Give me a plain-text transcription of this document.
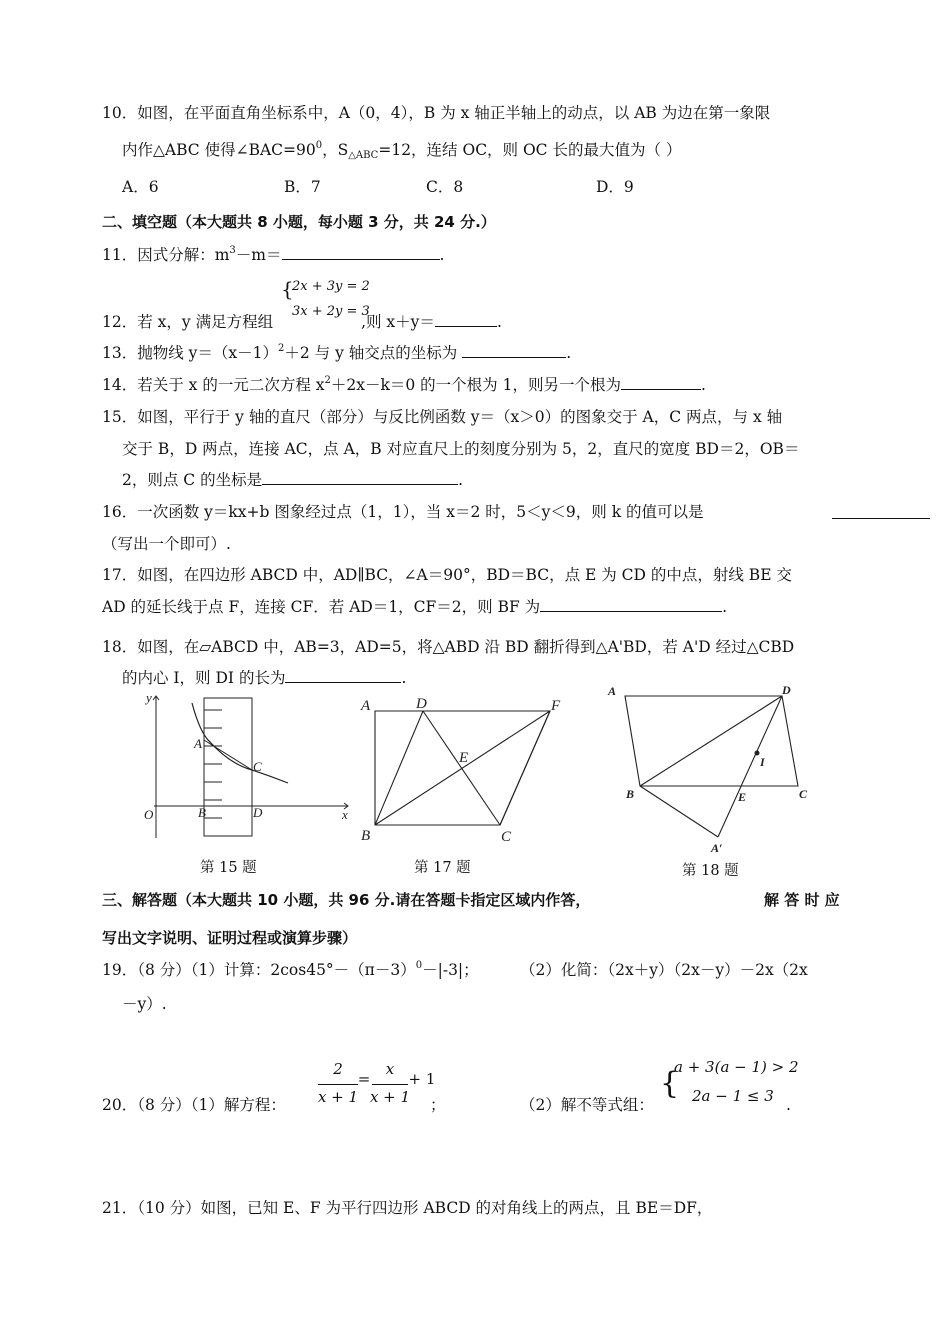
10．如图，在平面直角坐标系中，A（0，4），B 为 x 轴正半轴上的动点，以 AB 为边在第一象限
内作△ABC 使得$\angle BAC=90^0$，S△ABC=12，连结 OC，则 OC 长的最大值为（ ）
A．6	B．7	C．8	D．9
二、填空题（本大题共 8 小题，每小题 3 分，共 24 分.）
11．因式分解：$m^3-m=$	.
{
2x + 3y = 2
3x + 2y = 3
12．若 x，y 满足方程组	,则 x＋y＝	.
13．抛物线 $y=(x-1)^2+2$ 与 y 轴交点的坐标为	.
14．若关于 x 的一元二次方程 $x^2+2x-k=0$ 的一个根为 1，则另一个根为	.
15．如图，平行于 y 轴的直尺（部分）与反比例函数 y＝（x＞0）的图象交于 A，C 两点，与 x 轴
交于 B，D 两点，连接 AC，点 A，B 对应直尺上的刻度分别为 5，2，直尺的宽度 BD＝2，OB＝
2，则点 C 的坐标是	.
16．一次函数 y＝kx+b 图象经过点（1，1），当 x＝2 时，5＜y＜9，则 k 的值可以是
（写出一个即可）.
17．如图，在四边形 ABCD 中，AD∥BC，∠A＝90°，BD＝BC，点 E 为 CD 的中点，射线 BE 交
AD 的延长线于点 F，连接 CF．若 AD＝1，CF＝2，则 BF 为	.
18．如图，在▱ABCD 中，AB=3，AD=5，将△ABD 沿 BD 翻折得到△A'BD，若 A'D 经过△CBD
的内心 I，则 DI 的长为	.
y
x
O
A
B
C
D
第 15 题
A	D	F
E
B	C
第 17 题
A	D
I
B	E	C
A′
第 18 题
三、解答题（本大题共 10 小题，共 96 分.请在答题卡指定区域内作答，	解 答 时 应
写出文字说明、证明过程或演算步骤）
19．（8 分）（1）计算：$2\cos 45^\circ-(\pi-3)^0-|-3|$；	（2）化简：（2x＋y）（2x－y）－2x（2x
－y）.
20．（8 分）（1）解方程：
2
x + 1
=
x
x + 1
+ 1
；	（2）解不等式组：
{
a + 3(a − 1) > 2
2a − 1 ≤ 3 .
21．（10 分）如图，已知 E、F 为平行四边形 ABCD 的对角线上的两点，且 BE＝DF，
